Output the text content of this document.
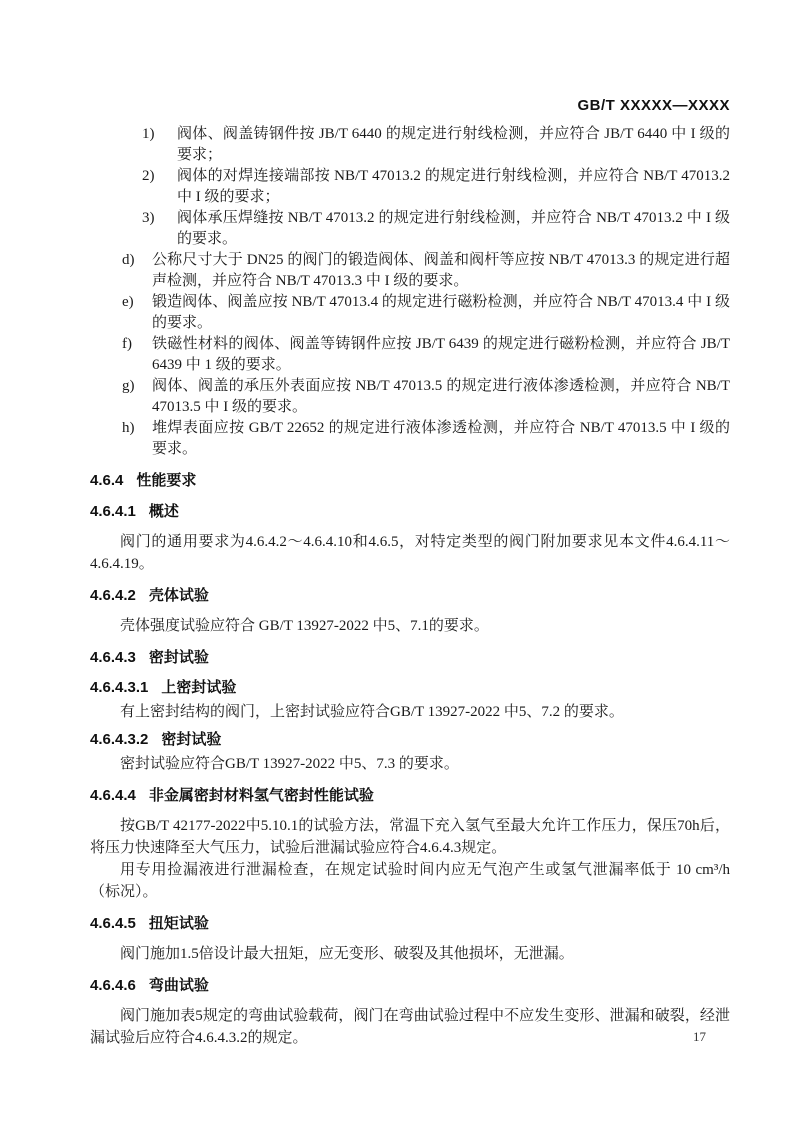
GB/T XXXXX—XXXX
1)	阀体、阀盖铸钢件按 JB/T 6440 的规定进行射线检测，并应符合 JB/T 6440 中 I 级的要求；
2)	阀体的对焊连接端部按 NB/T 47013.2 的规定进行射线检测，并应符合 NB/T 47013.2 中 I 级的要求；
3)	阀体承压焊缝按 NB/T 47013.2 的规定进行射线检测，并应符合 NB/T 47013.2 中 I 级的要求。
d)	公称尺寸大于 DN25 的阀门的锻造阀体、阀盖和阀杆等应按 NB/T 47013.3 的规定进行超声检测，并应符合 NB/T 47013.3 中 I 级的要求。
e)	锻造阀体、阀盖应按 NB/T 47013.4 的规定进行磁粉检测，并应符合 NB/T 47013.4 中 I 级的要求。
f)	铁磁性材料的阀体、阀盖等铸钢件应按 JB/T 6439 的规定进行磁粉检测，并应符合 JB/T 6439 中 1 级的要求。
g)	阀体、阀盖的承压外表面应按 NB/T 47013.5 的规定进行液体渗透检测，并应符合 NB/T 47013.5 中 I 级的要求。
h)	堆焊表面应按 GB/T 22652 的规定进行液体渗透检测，并应符合 NB/T 47013.5 中 I 级的要求。
4.6.4 性能要求
4.6.4.1 概述

阀门的通用要求为4.6.4.2～4.6.4.10和4.6.5，对特定类型的阀门附加要求见本文件4.6.4.11～4.6.4.19。

4.6.4.2 壳体试验

壳体强度试验应符合 GB/T 13927-2022 中5、7.1的要求。

4.6.4.3 密封试验
4.6.4.3.1 上密封试验

有上密封结构的阀门，上密封试验应符合GB/T 13927-2022 中5、7.2 的要求。

4.6.4.3.2 密封试验

密封试验应符合GB/T 13927-2022 中5、7.3 的要求。

4.6.4.4 非金属密封材料氢气密封性能试验

按GB/T 42177-2022中5.10.1的试验方法，常温下充入氢气至最大允许工作压力，保压70h后，将压力快速降至大气压力，试验后泄漏试验应符合4.6.4.3规定。

用专用捡漏液进行泄漏检查，在规定试验时间内应无气泡产生或氢气泄漏率低于 10 cm³/h（标况）。

4.6.4.5 扭矩试验

阀门施加1.5倍设计最大扭矩，应无变形、破裂及其他损坏，无泄漏。

4.6.4.6 弯曲试验

阀门施加表5规定的弯曲试验载荷，阀门在弯曲试验过程中不应发生变形、泄漏和破裂，经泄漏试验后应符合4.6.4.3.2的规定。	17
